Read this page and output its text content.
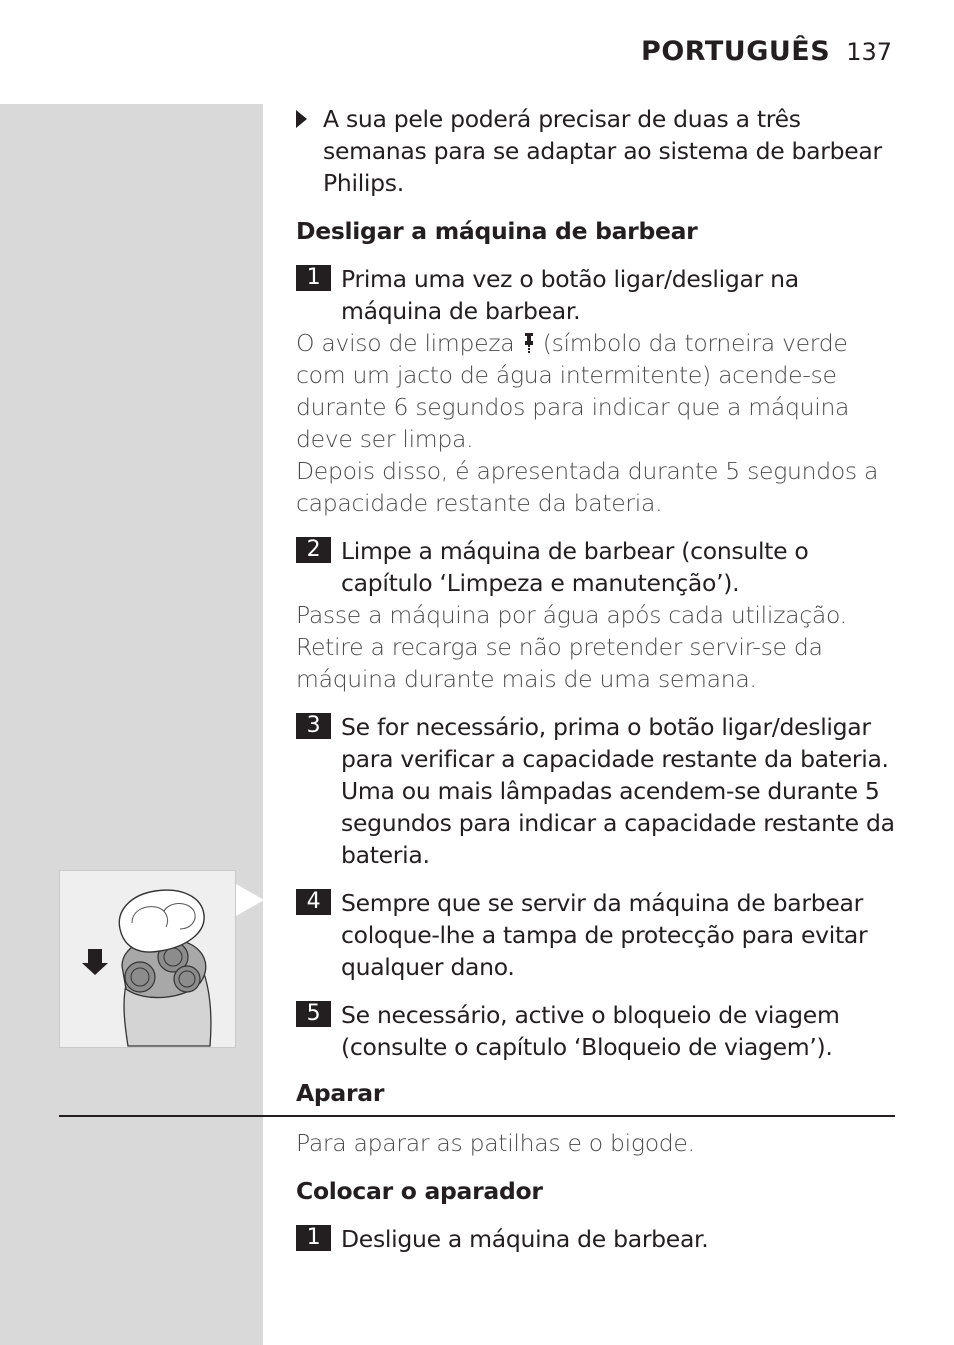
PORTUGUÊS 137
A sua pele poderá precisar de duas a três semanas para se adaptar ao sistema de barbear Philips.
Desligar a máquina de barbear
1 Prima uma vez o botão ligar/desligar na máquina de barbear.

O aviso de limpeza (símbolo da torneira verde com um jacto de água intermitente) acende-se durante 6 segundos para indicar que a máquina deve ser limpa.
Depois disso, é apresentada durante 5 segundos a capacidade restante da bateria.

2 Limpe a máquina de barbear (consulte o capítulo ‘Limpeza e manutenção’).

Passe a máquina por água após cada utilização. Retire a recarga se não pretender servir-se da máquina durante mais de uma semana.

3 Se for necessário, prima o botão ligar/desligar para verificar a capacidade restante da bateria. Uma ou mais lâmpadas acendem-se durante 5 segundos para indicar a capacidade restante da bateria.
4 Sempre que se servir da máquina de barbear coloque-lhe a tampa de protecção para evitar qualquer dano.
5 Se necessário, active o bloqueio de viagem (consulte o capítulo ‘Bloqueio de viagem’).
Aparar

Para aparar as patilhas e o bigode.

Colocar o aparador
1 Desligue a máquina de barbear.
